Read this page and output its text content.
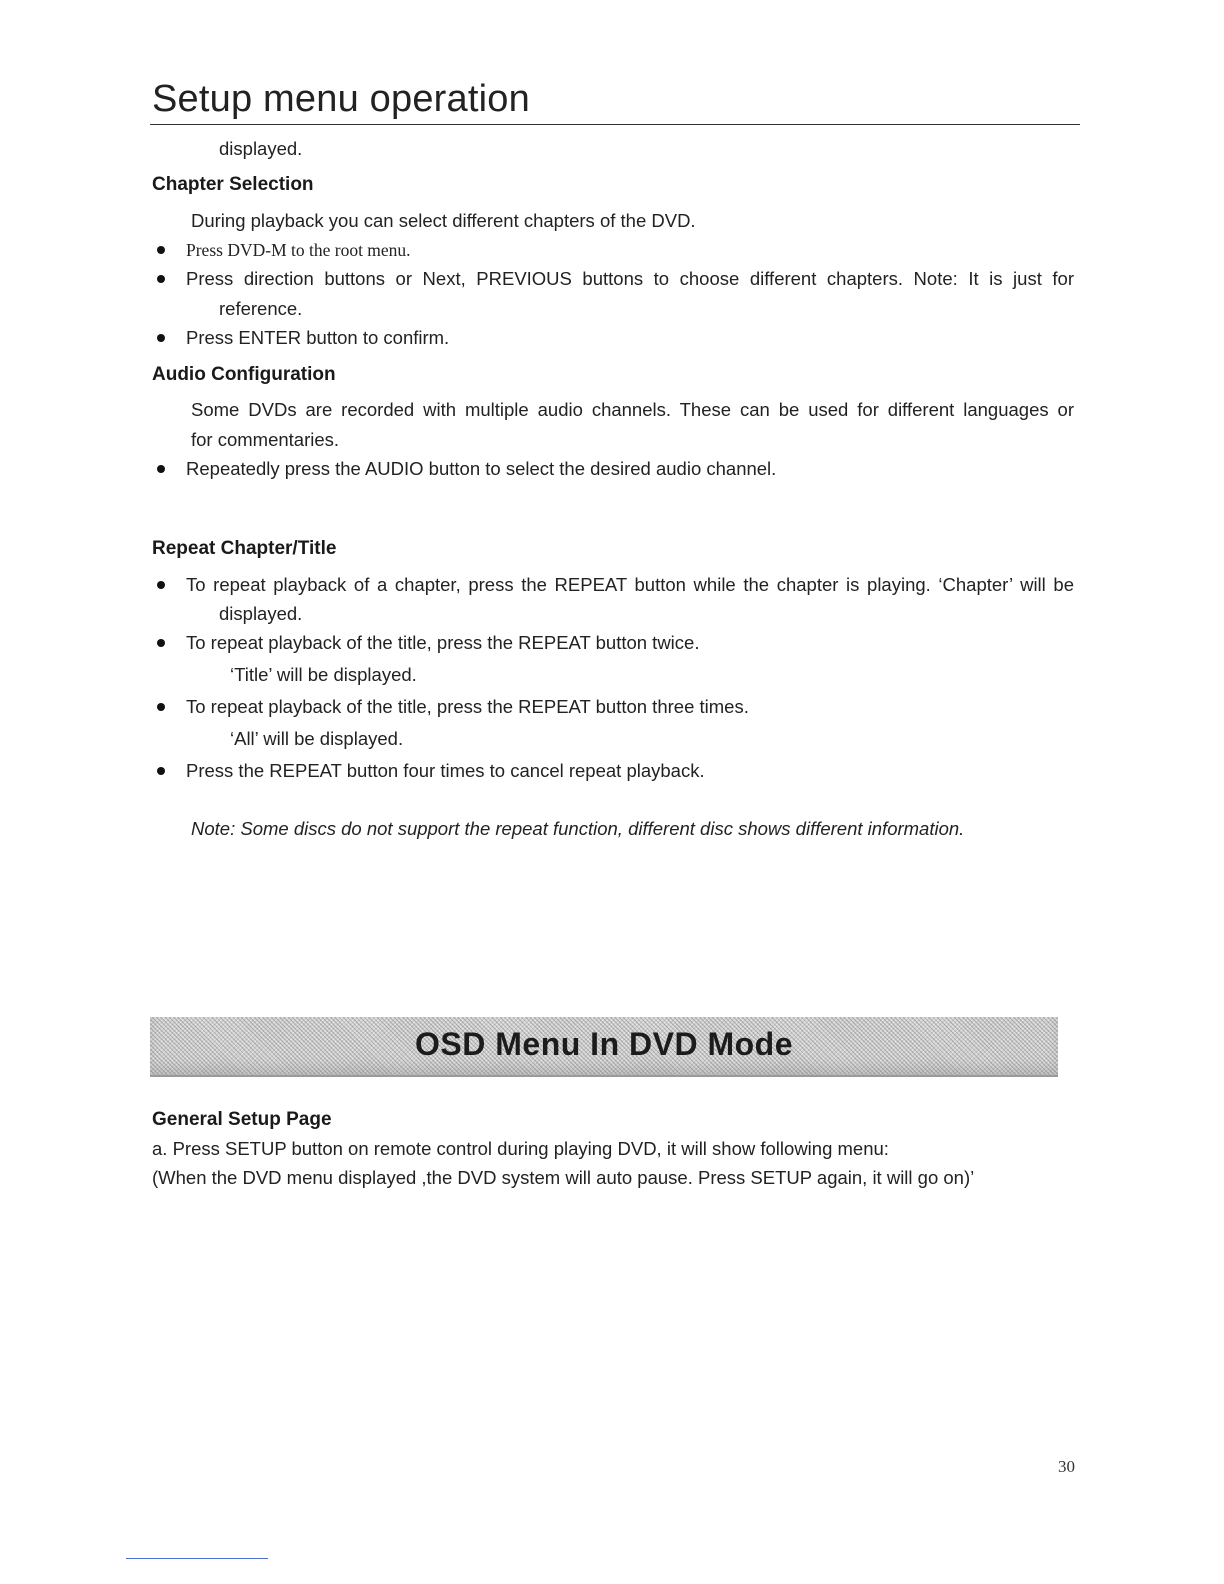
Setup menu operation

displayed.

Chapter Selection

During playback you can select different chapters of the DVD.

Press DVD-M to the root menu.

Press direction buttons or Next, PREVIOUS buttons to choose different chapters. Note: It is just for

reference.

Press ENTER button to confirm.

Audio Configuration

Some DVDs are recorded with multiple audio channels. These can be used for different languages or

for commentaries.

Repeatedly press the AUDIO button to select the desired audio channel.

Repeat Chapter/Title

To repeat playback of a chapter, press the REPEAT button while the chapter is playing. ‘Chapter’ will be

displayed.

To repeat playback of the title, press the REPEAT button twice.

‘Title’ will be displayed.

To repeat playback of the title, press the REPEAT button three times.

‘All’ will be displayed.

Press the REPEAT button four times to cancel repeat playback.

Note: Some discs do not support the repeat function, different disc shows different information.

OSD Menu In DVD Mode

General Setup Page

a. Press SETUP button on remote control during playing DVD, it will show following menu:

(When the DVD menu displayed ,the DVD system will auto pause. Press SETUP again, it will go on)’

30
